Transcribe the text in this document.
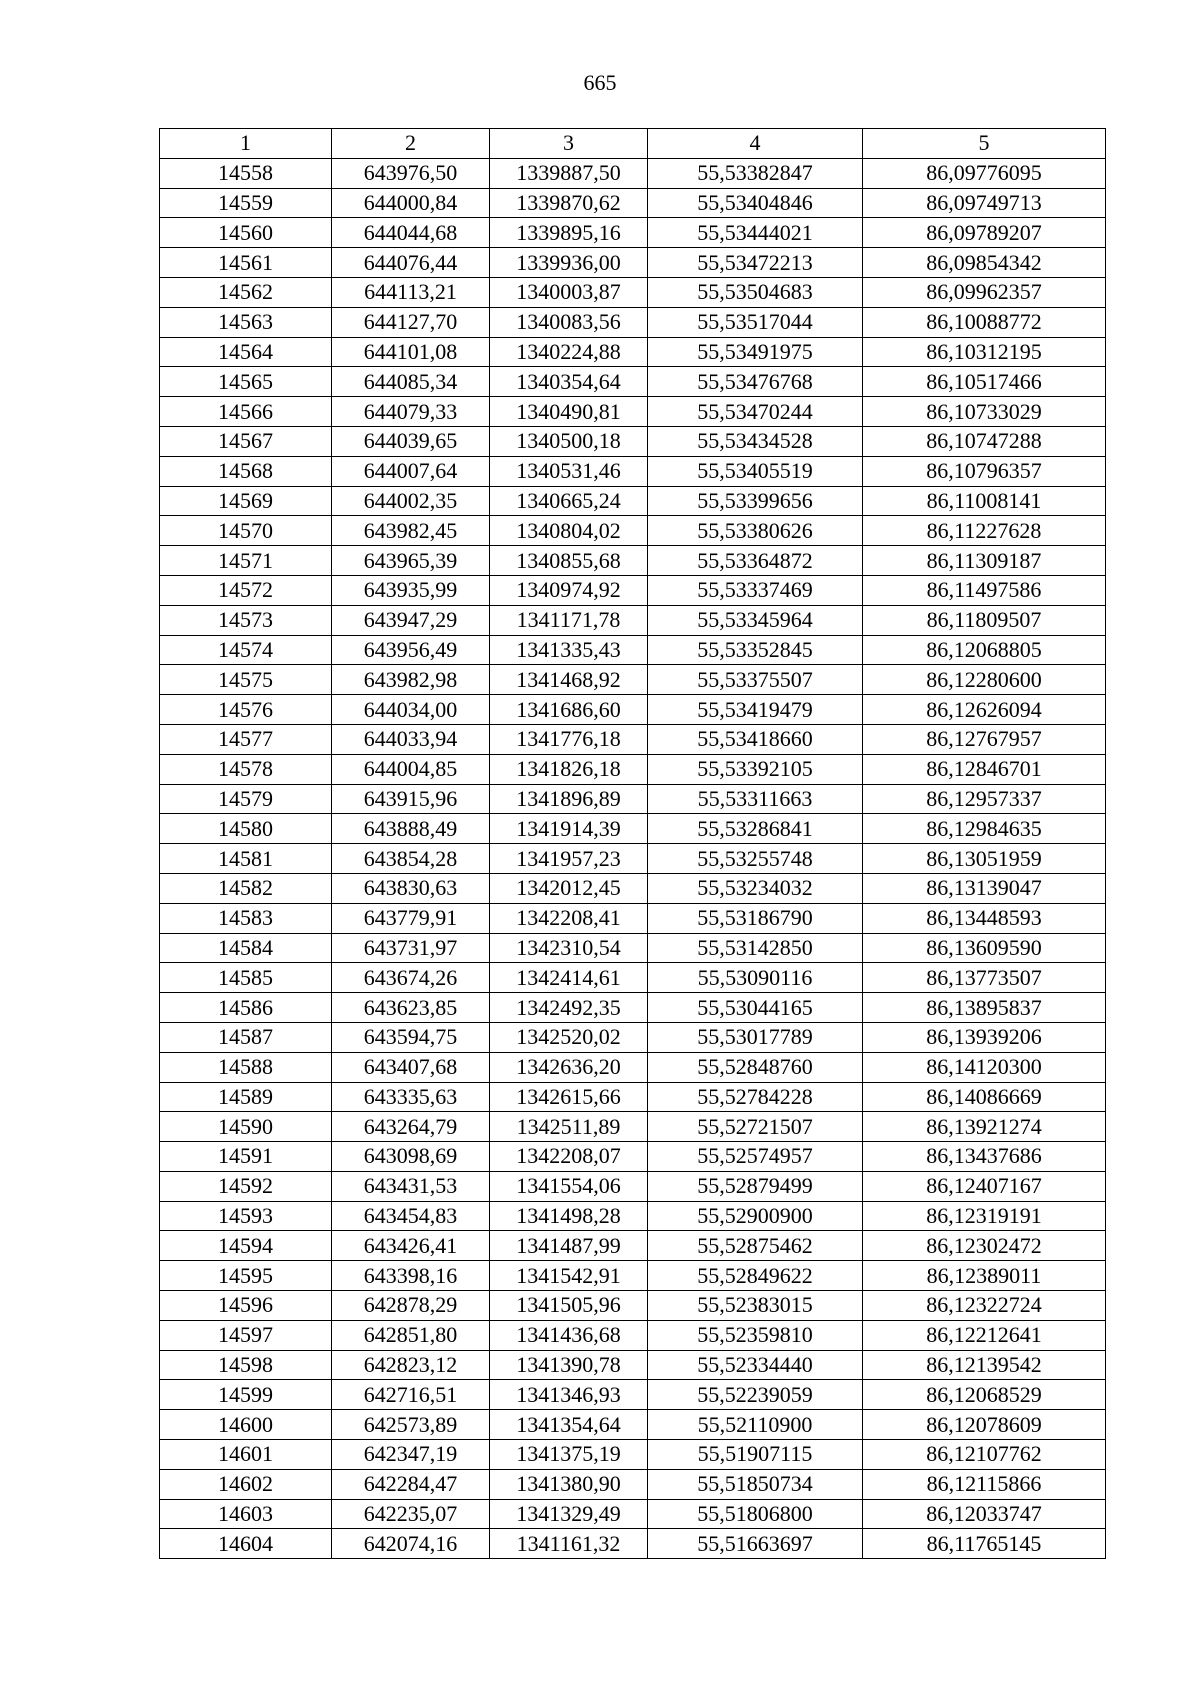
665
1	2	3	4	5
14558	643976,50	1339887,50	55,53382847	86,09776095
14559	644000,84	1339870,62	55,53404846	86,09749713
14560	644044,68	1339895,16	55,53444021	86,09789207
14561	644076,44	1339936,00	55,53472213	86,09854342
14562	644113,21	1340003,87	55,53504683	86,09962357
14563	644127,70	1340083,56	55,53517044	86,10088772
14564	644101,08	1340224,88	55,53491975	86,10312195
14565	644085,34	1340354,64	55,53476768	86,10517466
14566	644079,33	1340490,81	55,53470244	86,10733029
14567	644039,65	1340500,18	55,53434528	86,10747288
14568	644007,64	1340531,46	55,53405519	86,10796357
14569	644002,35	1340665,24	55,53399656	86,11008141
14570	643982,45	1340804,02	55,53380626	86,11227628
14571	643965,39	1340855,68	55,53364872	86,11309187
14572	643935,99	1340974,92	55,53337469	86,11497586
14573	643947,29	1341171,78	55,53345964	86,11809507
14574	643956,49	1341335,43	55,53352845	86,12068805
14575	643982,98	1341468,92	55,53375507	86,12280600
14576	644034,00	1341686,60	55,53419479	86,12626094
14577	644033,94	1341776,18	55,53418660	86,12767957
14578	644004,85	1341826,18	55,53392105	86,12846701
14579	643915,96	1341896,89	55,53311663	86,12957337
14580	643888,49	1341914,39	55,53286841	86,12984635
14581	643854,28	1341957,23	55,53255748	86,13051959
14582	643830,63	1342012,45	55,53234032	86,13139047
14583	643779,91	1342208,41	55,53186790	86,13448593
14584	643731,97	1342310,54	55,53142850	86,13609590
14585	643674,26	1342414,61	55,53090116	86,13773507
14586	643623,85	1342492,35	55,53044165	86,13895837
14587	643594,75	1342520,02	55,53017789	86,13939206
14588	643407,68	1342636,20	55,52848760	86,14120300
14589	643335,63	1342615,66	55,52784228	86,14086669
14590	643264,79	1342511,89	55,52721507	86,13921274
14591	643098,69	1342208,07	55,52574957	86,13437686
14592	643431,53	1341554,06	55,52879499	86,12407167
14593	643454,83	1341498,28	55,52900900	86,12319191
14594	643426,41	1341487,99	55,52875462	86,12302472
14595	643398,16	1341542,91	55,52849622	86,12389011
14596	642878,29	1341505,96	55,52383015	86,12322724
14597	642851,80	1341436,68	55,52359810	86,12212641
14598	642823,12	1341390,78	55,52334440	86,12139542
14599	642716,51	1341346,93	55,52239059	86,12068529
14600	642573,89	1341354,64	55,52110900	86,12078609
14601	642347,19	1341375,19	55,51907115	86,12107762
14602	642284,47	1341380,90	55,51850734	86,12115866
14603	642235,07	1341329,49	55,51806800	86,12033747
14604	642074,16	1341161,32	55,51663697	86,11765145
